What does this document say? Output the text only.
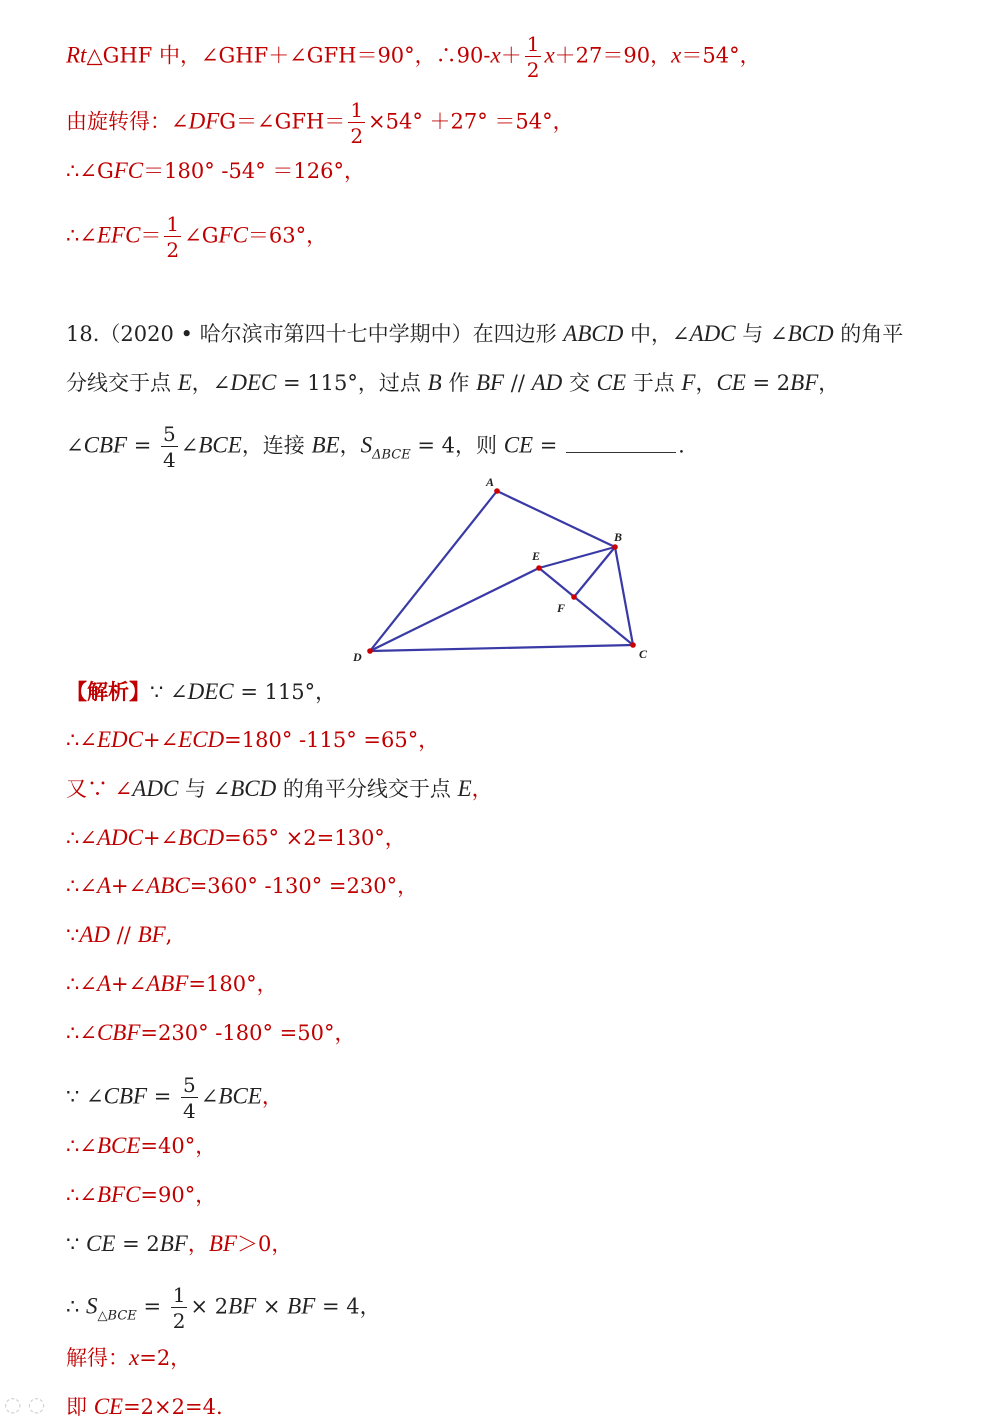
Rt△GHF 中，∠GHF＋∠GFH＝90°，∴90-x＋ $\frac{1}{2} x+27=90$，x＝54°，
由旋转得：∠DFG＝∠GFH＝ $\frac{1}{2} \times 54^\circ +27^\circ =54^\circ$，
∴∠GFC＝180° -54° ＝126°，
∴∠EFC＝ $\frac{1}{2}$ ∠GFC＝63°，
18.（2020 • 哈尔滨市第四十七中学期中）在四边形 ABCD 中，∠ADC 与 ∠BCD 的角平
分线交于点 E，∠DEC = 115°，过点 B 作 BF // AD 交 CE 于点 F，CE = 2BF，
∠CBF = $\frac{5}{4}$ ∠BCE，连接 BE，$S_{\Delta BCE} = 4$，则 CE =	.
A
B
C
D
E
F
【解析】∵ ∠DEC = 115°，
∴∠EDC+∠ECD=180° -115° =65°，
又∵ ∠ADC 与 ∠BCD 的角平分线交于点 E，
∴∠ADC+∠BCD=65° ×2=130°，
∴∠A+∠ABC=360° -130° =230°，
∵AD // BF,
∴∠A+∠ABF=180°，
∴∠CBF=230° -180° =50°，
∵ ∠CBF = $\frac{5}{4}$ ∠BCE，
∴∠BCE=40°，
∴∠BFC=90°，
∵ CE = 2BF，BF＞0，
∴ $S_{\triangle BCE} = \frac{1}{2} \times 2BF$ × BF = 4，
解得：x=2，
即 CE=2×2=4.
◌ ◌
